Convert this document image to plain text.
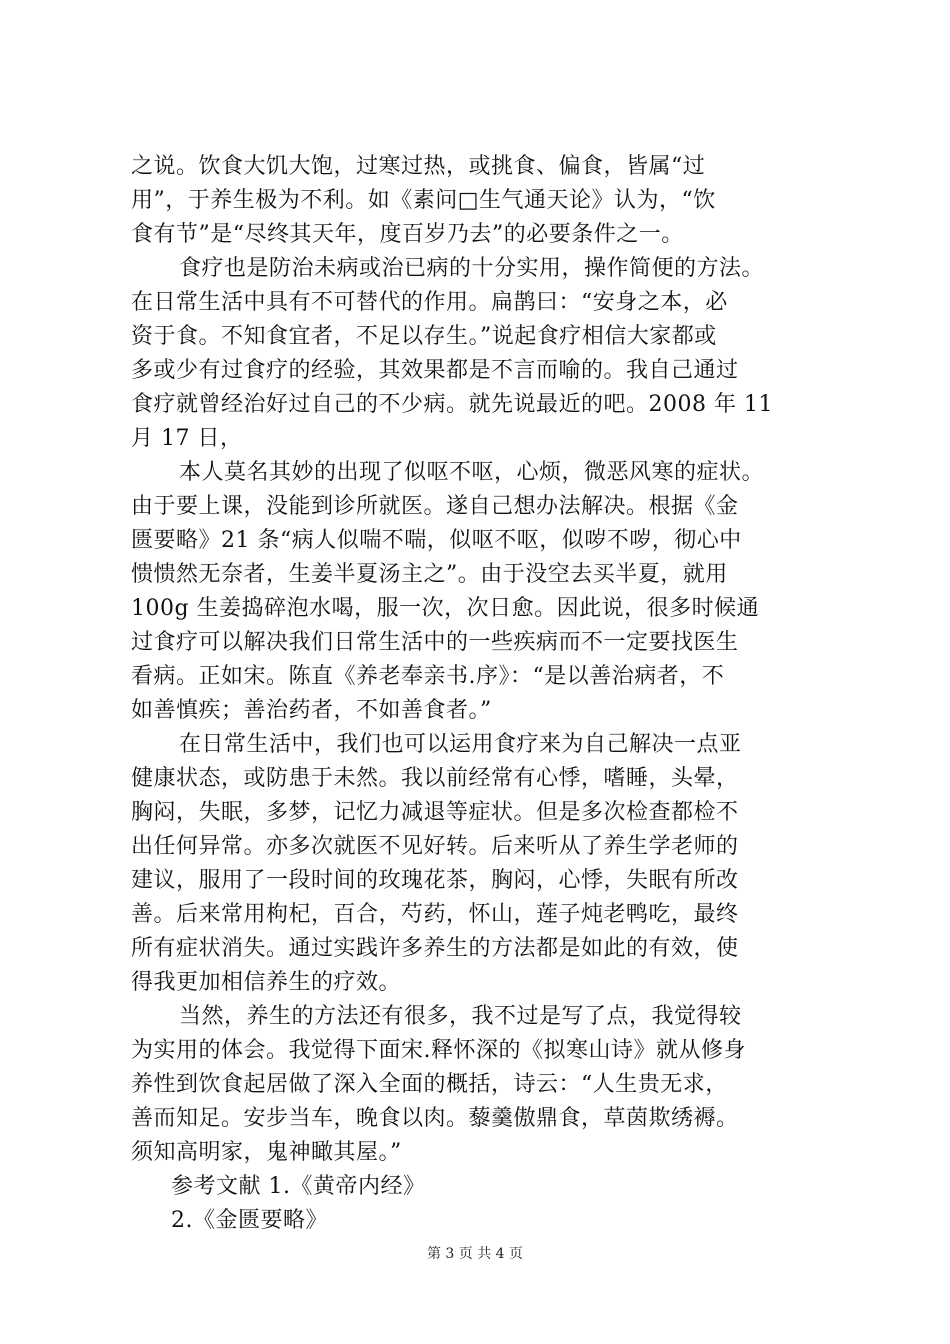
之说。饮食大饥大饱，过寒过热，或挑食、偏食，皆属“过
用”，于养生极为不利。如《素问□生气通天论》认为，“饮
食有节”是“尽终其天年，度百岁乃去”的必要条件之一。
食疗也是防治未病或治已病的十分实用，操作简便的方法。
在日常生活中具有不可替代的作用。扁鹊曰：“安身之本，必
资于食。不知食宜者，不足以存生。”说起食疗相信大家都或
多或少有过食疗的经验，其效果都是不言而喻的。我自己通过
食疗就曾经治好过自己的不少病。就先说最近的吧。2008 年 11
月 17 日，
本人莫名其妙的出现了似呕不呕，心烦，微恶风寒的症状。
由于要上课，没能到诊所就医。遂自己想办法解决。根据《金
匮要略》21 条“病人似喘不喘，似呕不呕，似哕不哕，彻心中
愦愦然无奈者，生姜半夏汤主之”。由于没空去买半夏，就用
100g 生姜捣碎泡水喝，服一次，次日愈。因此说，很多时候通
过食疗可以解决我们日常生活中的一些疾病而不一定要找医生
看病。正如宋。陈直《养老奉亲书.序》：“是以善治病者，不
如善慎疾；善治药者，不如善食者。”
在日常生活中，我们也可以运用食疗来为自己解决一点亚
健康状态，或防患于未然。我以前经常有心悸，嗜睡，头晕，
胸闷，失眠，多梦，记忆力减退等症状。但是多次检查都检不
出任何异常。亦多次就医不见好转。后来听从了养生学老师的
建议，服用了一段时间的玫瑰花茶，胸闷，心悸，失眠有所改
善。后来常用枸杞，百合，芍药，怀山，莲子炖老鸭吃，最终
所有症状消失。通过实践许多养生的方法都是如此的有效，使
得我更加相信养生的疗效。
当然，养生的方法还有很多，我不过是写了点，我觉得较
为实用的体会。我觉得下面宋.释怀深的《拟寒山诗》就从修身
养性到饮食起居做了深入全面的概括，诗云：“人生贵无求，
善而知足。安步当车，晚食以肉。藜羹傲鼎食，草茵欺绣褥。
须知高明家，鬼神瞰其屋。”
参考文献 1.《黄帝内经》
2.《金匮要略》
第 3 页 共 4 页
